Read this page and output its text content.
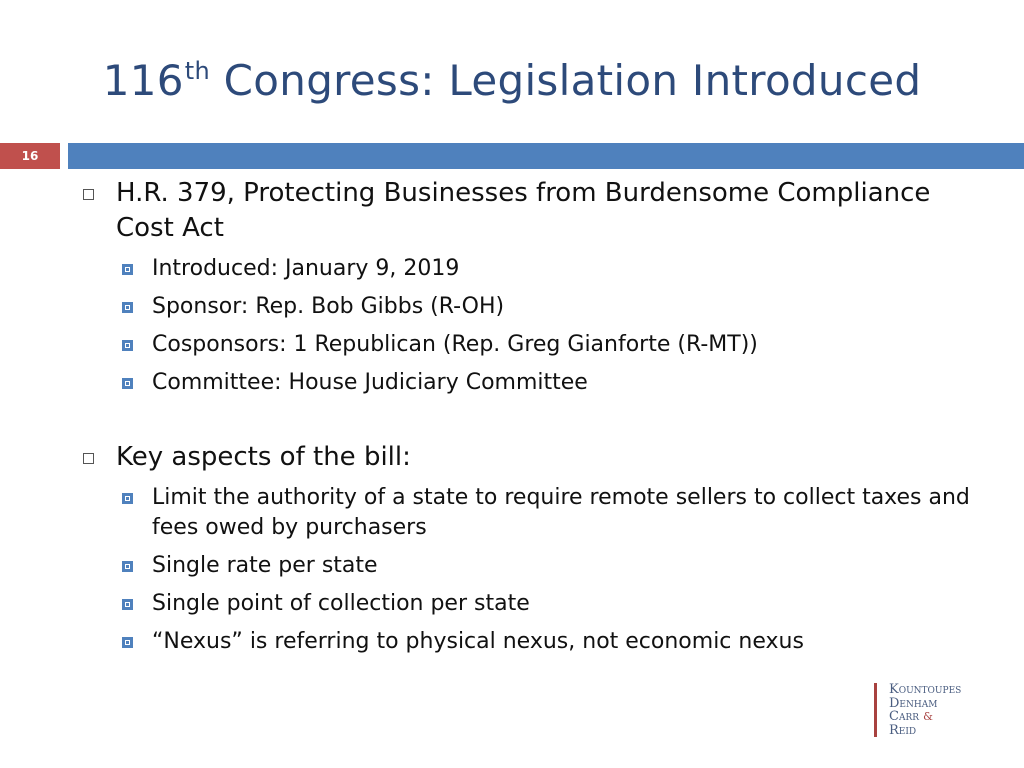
116th Congress: Legislation Introduced
16
H.R. 379, Protecting Businesses from Burdensome Compliance Cost Act
Introduced: January 9, 2019
Sponsor: Rep. Bob Gibbs (R-OH)
Cosponsors: 1 Republican (Rep. Greg Gianforte (R-MT))
Committee: House Judiciary Committee
Key aspects of the bill:
Limit the authority of a state to require remote sellers to collect taxes and fees owed by purchasers
Single rate per state
Single point of collection per state
“Nexus” is referring to physical nexus, not economic nexus
Kountoupes
Denham
Carr &
Reid
